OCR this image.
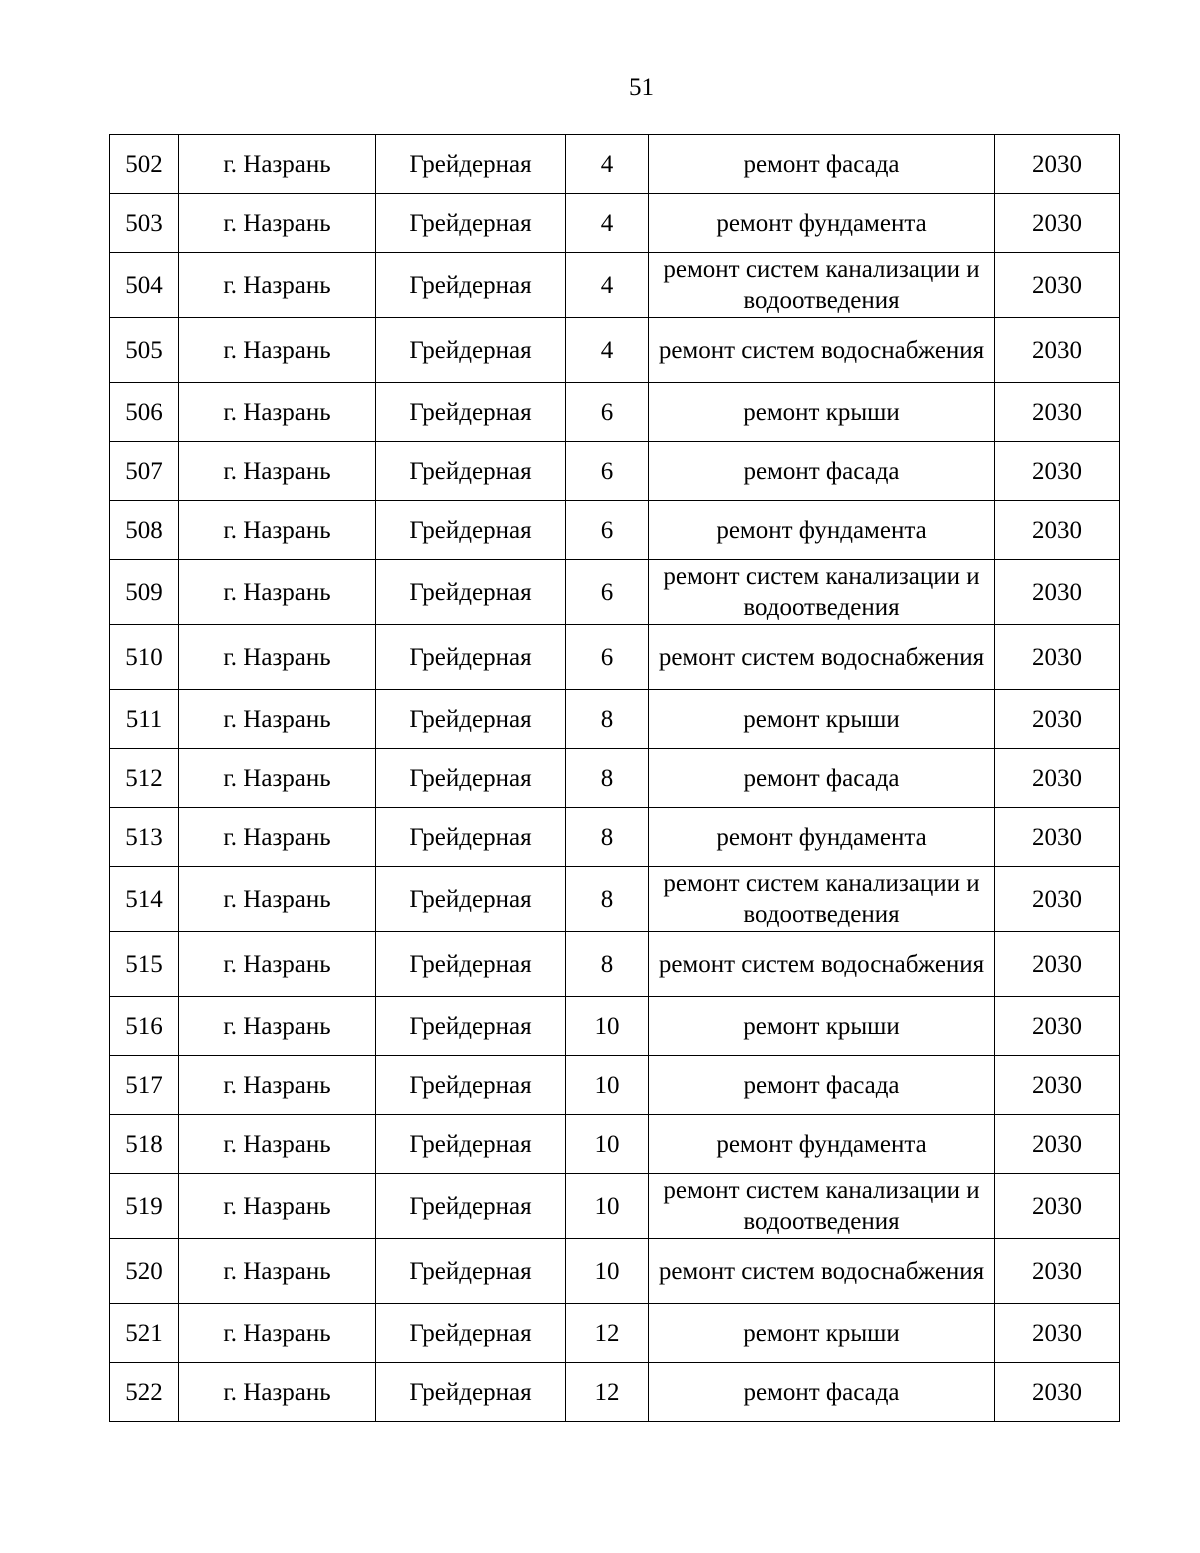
51
502	г. Назрань	Грейдерная	4	ремонт фасада	2030
503	г. Назрань	Грейдерная	4	ремонт фундамента	2030
504	г. Назрань	Грейдерная	4	ремонт систем канализации и водоотведения	2030
505	г. Назрань	Грейдерная	4	ремонт систем водоснабжения	2030
506	г. Назрань	Грейдерная	6	ремонт крыши	2030
507	г. Назрань	Грейдерная	6	ремонт фасада	2030
508	г. Назрань	Грейдерная	6	ремонт фундамента	2030
509	г. Назрань	Грейдерная	6	ремонт систем канализации и водоотведения	2030
510	г. Назрань	Грейдерная	6	ремонт систем водоснабжения	2030
511	г. Назрань	Грейдерная	8	ремонт крыши	2030
512	г. Назрань	Грейдерная	8	ремонт фасада	2030
513	г. Назрань	Грейдерная	8	ремонт фундамента	2030
514	г. Назрань	Грейдерная	8	ремонт систем канализации и водоотведения	2030
515	г. Назрань	Грейдерная	8	ремонт систем водоснабжения	2030
516	г. Назрань	Грейдерная	10	ремонт крыши	2030
517	г. Назрань	Грейдерная	10	ремонт фасада	2030
518	г. Назрань	Грейдерная	10	ремонт фундамента	2030
519	г. Назрань	Грейдерная	10	ремонт систем канализации и водоотведения	2030
520	г. Назрань	Грейдерная	10	ремонт систем водоснабжения	2030
521	г. Назрань	Грейдерная	12	ремонт крыши	2030
522	г. Назрань	Грейдерная	12	ремонт фасада	2030
